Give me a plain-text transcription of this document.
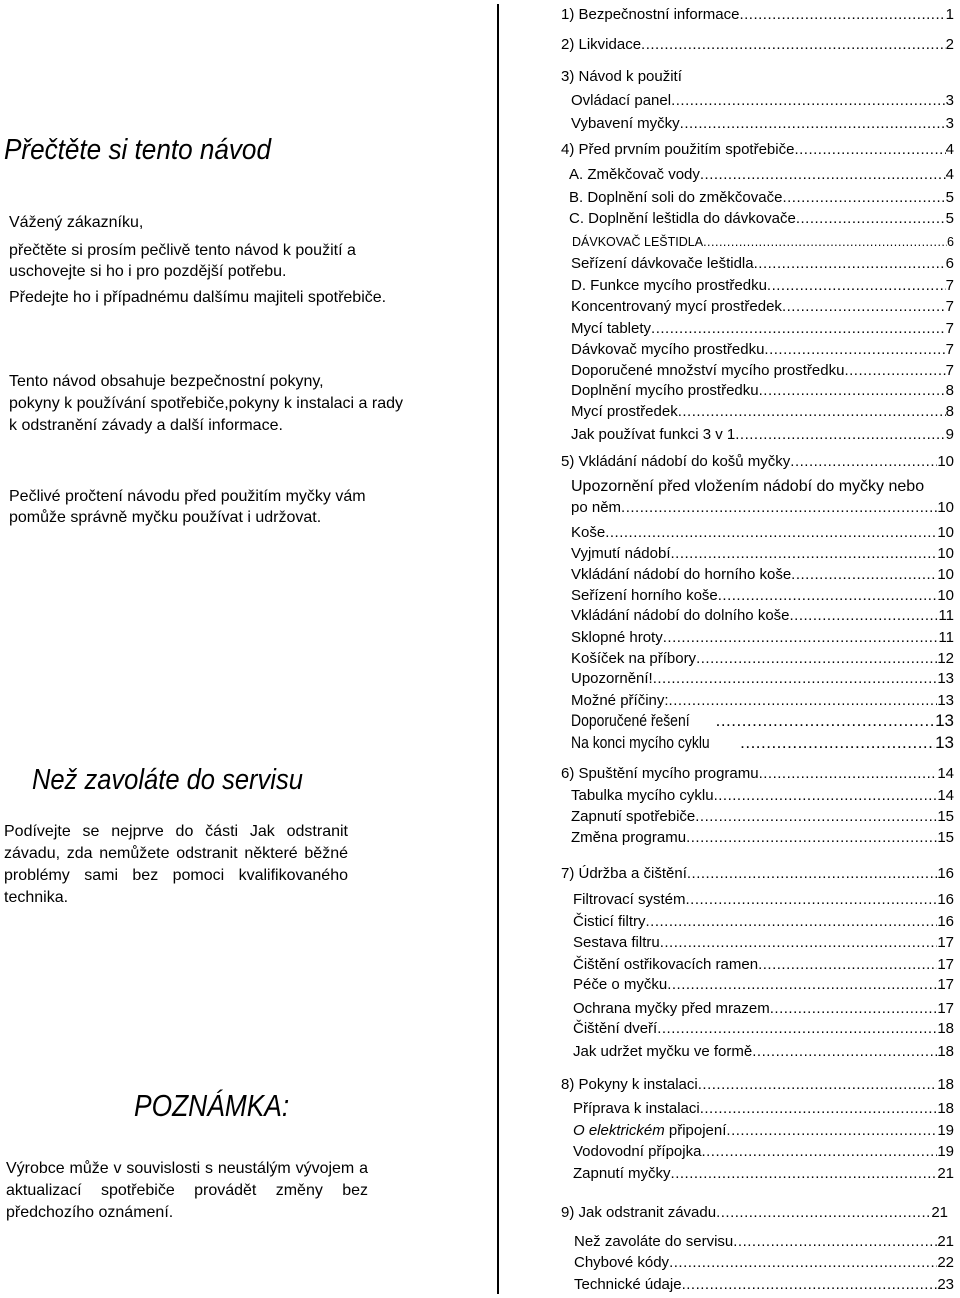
Přečtěte si tento návod
Vážený zákazníku,
přečtěte si prosím pečlivě tento návod k použití a
uschovejte si ho i pro pozdější potřebu.
Předejte ho i případnému dalšímu majiteli spotřebiče.
Tento návod obsahuje bezpečnostní pokyny,
pokyny k používání spotřebiče,pokyny k instalaci a rady
k odstranění závady a další informace.
Pečlivé pročtení návodu před použitím myčky vám
pomůže správně myčku používat i udržovat.
Než zavoláte do servisu
Podívejte se nejprve do části Jak odstranit závadu, zda nemůžete odstranit některé běžné problémy sami bez pomoci kvalifikovaného technika.
POZNÁMKA:
Výrobce může v souvislosti s neustálým vývojem a aktualizací spotřebiče provádět změny bez předchozího oznámení.
1) Bezpečnostní informace .....	1
2) Likvidace .....	2
3) Návod k použití
Ovládací panel .....	3
Vybavení myčky .....	3
4) Před prvním použitím spotřebiče .....	4
A. Změkčovač vody .....	4
B. Doplnění soli do změkčovače .....	5
C. Doplnění leštidla do dávkovače .....	5
DÁVKOVAČ LEŠTIDLA .....	6
Seřízení dávkovače leštidla .....	6
D. Funkce mycího prostředku .....	7
Koncentrovaný mycí prostředek .....	7
Mycí tablety .....	7
Dávkovač mycího prostředku .....	7
Doporučené množství mycího prostředku .....	7
Doplnění mycího prostředku .....	8
Mycí prostředek .....	8
Jak používat funkci 3 v 1 .....	9
5) Vkládání nádobí do košů myčky .....	10
Upozornění před vložením nádobí do myčky nebo
po něm .....	10
Koše .....	10
Vyjmutí nádobí .....	10
Vkládání nádobí do horního koše .....	10
Seřízení horního koše .....	10
Vkládání nádobí do dolního koše .....	11
Sklopné hroty .....	11
Košíček na příbory .....	12
Upozornění! .....	13
Možné příčiny: .....	13
Doporučené řešení .....	13
Na konci mycího cyklu .....	13
6) Spuštění mycího programu .....	14
Tabulka mycího cyklu .....	14
Zapnutí spotřebiče .....	15
Změna programu .....	15
7) Údržba a čištění .....	16
Filtrovací systém .....	16
Čisticí filtry .....	16
Sestava filtru .....	17
Čištění ostřikovacích ramen .....	17
Péče o myčku .....	17
Ochrana myčky před mrazem .....	17
Čištění dveří .....	18
Jak udržet myčku ve formě .....	18
8) Pokyny k instalaci .....	18
Příprava k instalaci .....	18
O elektrickém připojení .....	19
Vodovodní přípojka .....	19
Zapnutí myčky .....	21
9) Jak odstranit závadu .....	21
Než zavoláte do servisu .....	21
Chybové kódy .....	22
Technické údaje .....	23
